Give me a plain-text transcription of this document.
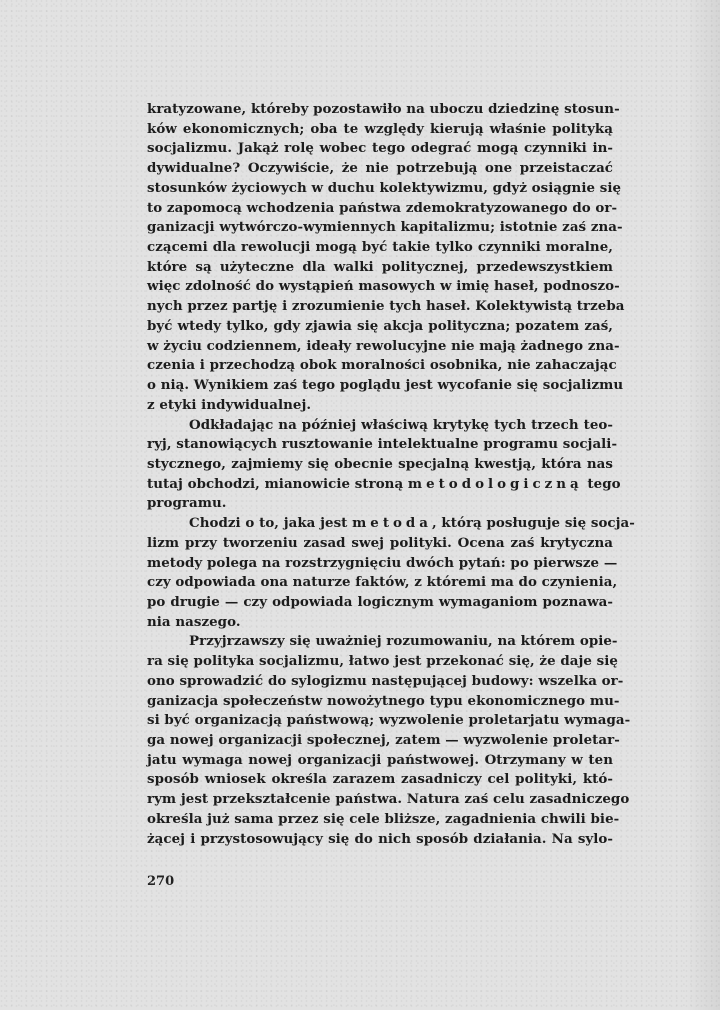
kratyzowane, któreby pozostawiło na uboczu dziedzinę stosun-
ków ekonomicznych; oba te względy kierują właśnie polityką
socjalizmu. Jakąż rolę wobec tego odegrać mogą czynniki in-
dywidualne? Oczywiście, że nie potrzebują one przeistaczać
stosunków życiowych w duchu kolektywizmu, gdyż osiągnie się
to zapomocą wchodzenia państwa zdemokratyzowanego do or-
ganizacji wytwórczo-wymiennych kapitalizmu; istotnie zaś zna-
czącemi dla rewolucji mogą być takie tylko czynniki moralne,
które są użyteczne dla walki politycznej, przedewszystkiem
więc zdolność do wystąpień masowych w imię haseł, podnoszo-
nych przez partję i zrozumienie tych haseł. Kolektywistą trzeba
być wtedy tylko, gdy zjawia się akcja polityczna; pozatem zaś,
w życiu codziennem, ideały rewolucyjne nie mają żadnego zna-
czenia i przechodzą obok moralności osobnika, nie zahaczając
o nią. Wynikiem zaś tego poglądu jest wycofanie się socjalizmu
z etyki indywidualnej.
Odkładając na później właściwą krytykę tych trzech teo-
ryj, stanowiących rusztowanie intelektualne programu socjali-
stycznego, zajmiemy się obecnie specjalną kwestją, która nas
tutaj obchodzi, mianowicie stroną metodologiczną tego
programu.
Chodzi o to, jaka jest metoda, którą posługuje się socja-
lizm przy tworzeniu zasad swej polityki. Ocena zaś krytyczna
metody polega na rozstrzygnięciu dwóch pytań: po pierwsze —
czy odpowiada ona naturze faktów, z któremi ma do czynienia,
po drugie — czy odpowiada logicznym wymaganiom poznawa-
nia naszego.
Przyjrzawszy się uważniej rozumowaniu, na którem opie-
ra się polityka socjalizmu, łatwo jest przekonać się, że daje się
ono sprowadzić do sylogizmu następującej budowy: wszelka or-
ganizacja społeczeństw nowożytnego typu ekonomicznego mu-
si być organizacją państwową; wyzwolenie proletarjatu wymaga-
ga nowej organizacji społecznej, zatem — wyzwolenie proletar-
jatu wymaga nowej organizacji państwowej. Otrzymany w ten
sposób wniosek określa zarazem zasadniczy cel polityki, któ-
rym jest przekształcenie państwa. Natura zaś celu zasadniczego
określa już sama przez się cele bliższe, zagadnienia chwili bie-
żącej i przystosowujący się do nich sposób działania. Na sylo-
270
